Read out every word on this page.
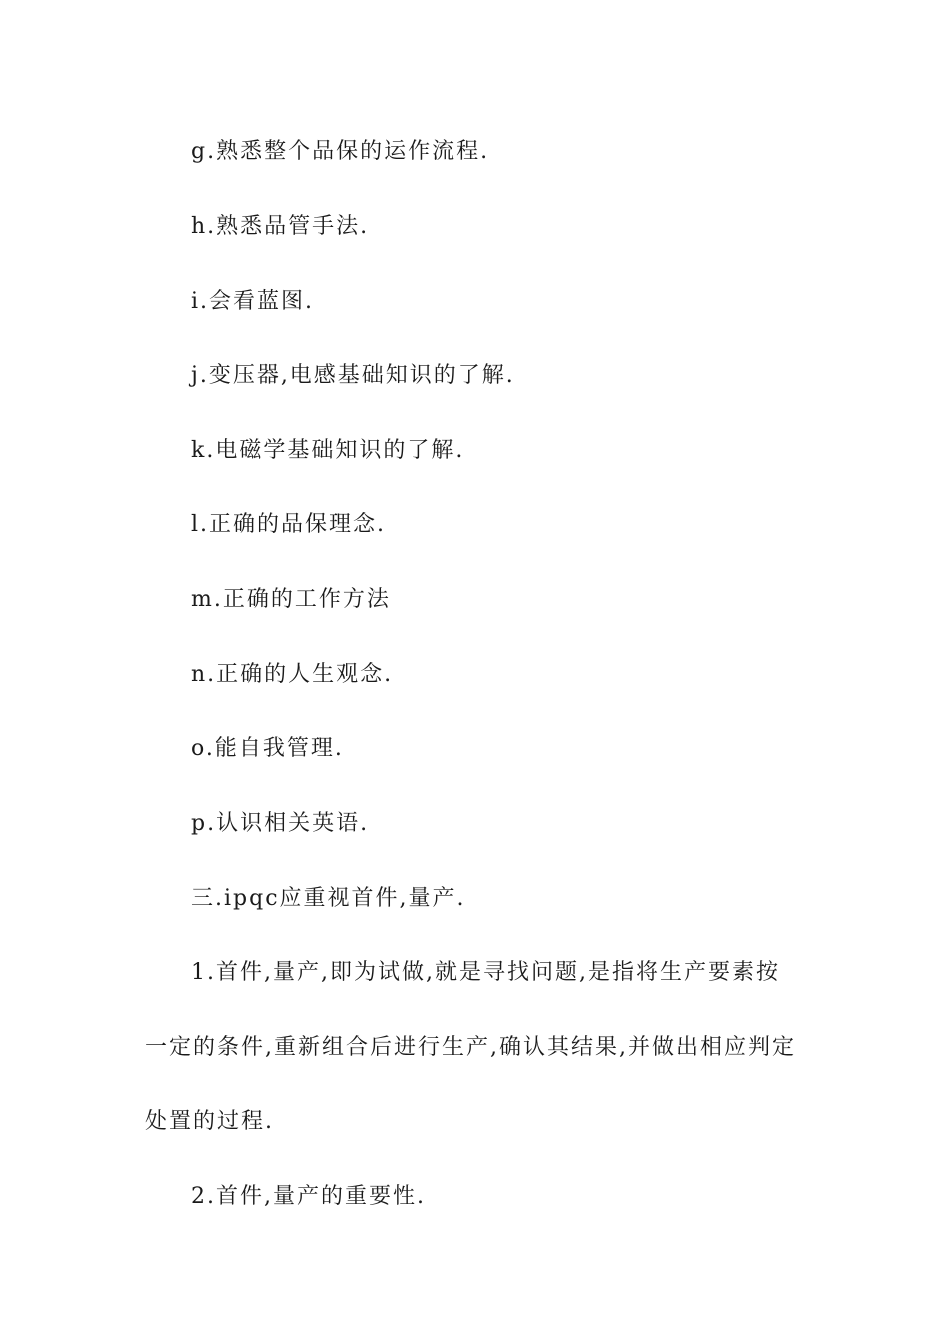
g.熟悉整个品保的运作流程.

h.熟悉品管手法.

i.会看蓝图.

j.变压器,电感基础知识的了解.

k.电磁学基础知识的了解.

l.正确的品保理念.

m.正确的工作方法

n.正确的人生观念.

o.能自我管理.

p.认识相关英语.

三.ipqc应重视首件,量产.

1.首件,量产,即为试做,就是寻找问题,是指将生产要素按

一定的条件,重新组合后进行生产,确认其结果,并做出相应判定

处置的过程.

2.首件,量产的重要性.
